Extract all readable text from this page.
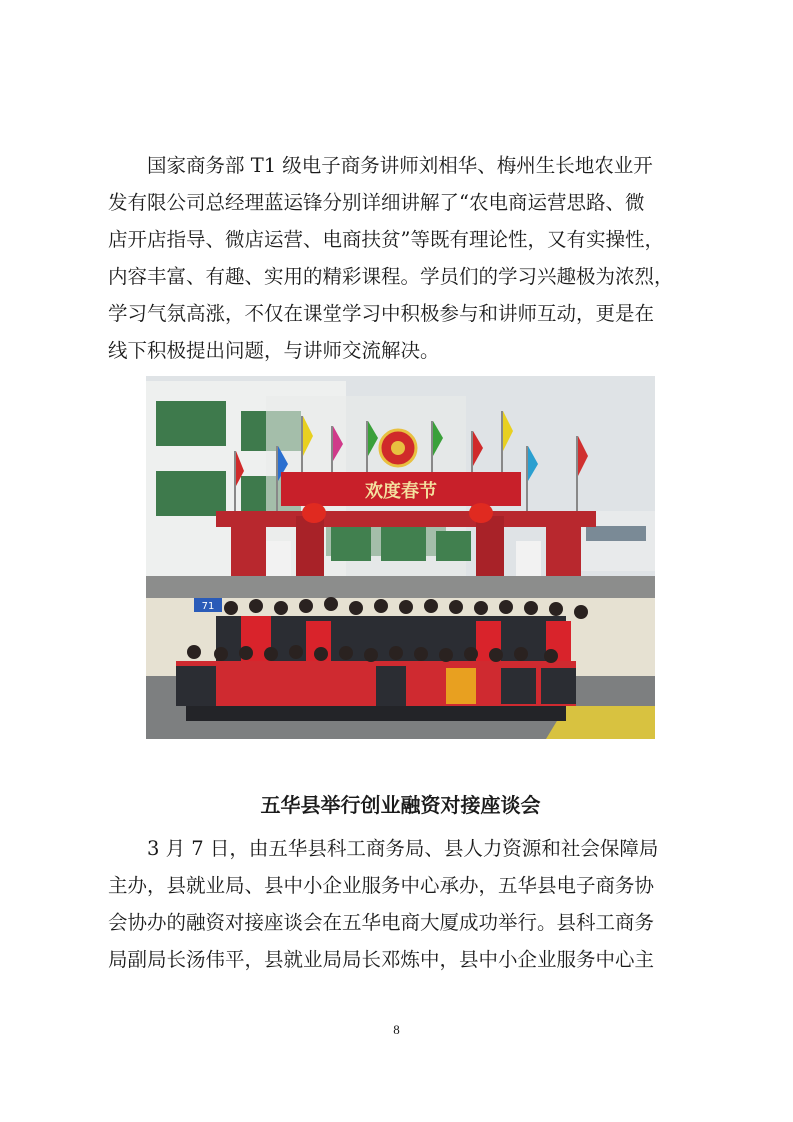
国家商务部 T1 级电子商务讲师刘相华、梅州生长地农业开
发有限公司总经理蓝运锋分别详细讲解了“农电商运营思路、微
店开店指导、微店运营、电商扶贫”等既有理论性，又有实操性，
内容丰富、有趣、实用的精彩课程。学员们的学习兴趣极为浓烈，
学习气氛高涨，不仅在课堂学习中积极参与和讲师互动，更是在
线下积极提出问题，与讲师交流解决。
欢度春节
71
五华县举行创业融资对接座谈会
3 月 7 日，由五华县科工商务局、县人力资源和社会保障局
主办，县就业局、县中小企业服务中心承办，五华县电子商务协
会协办的融资对接座谈会在五华电商大厦成功举行。县科工商务
局副局长汤伟平，县就业局局长邓炼中，县中小企业服务中心主
8
